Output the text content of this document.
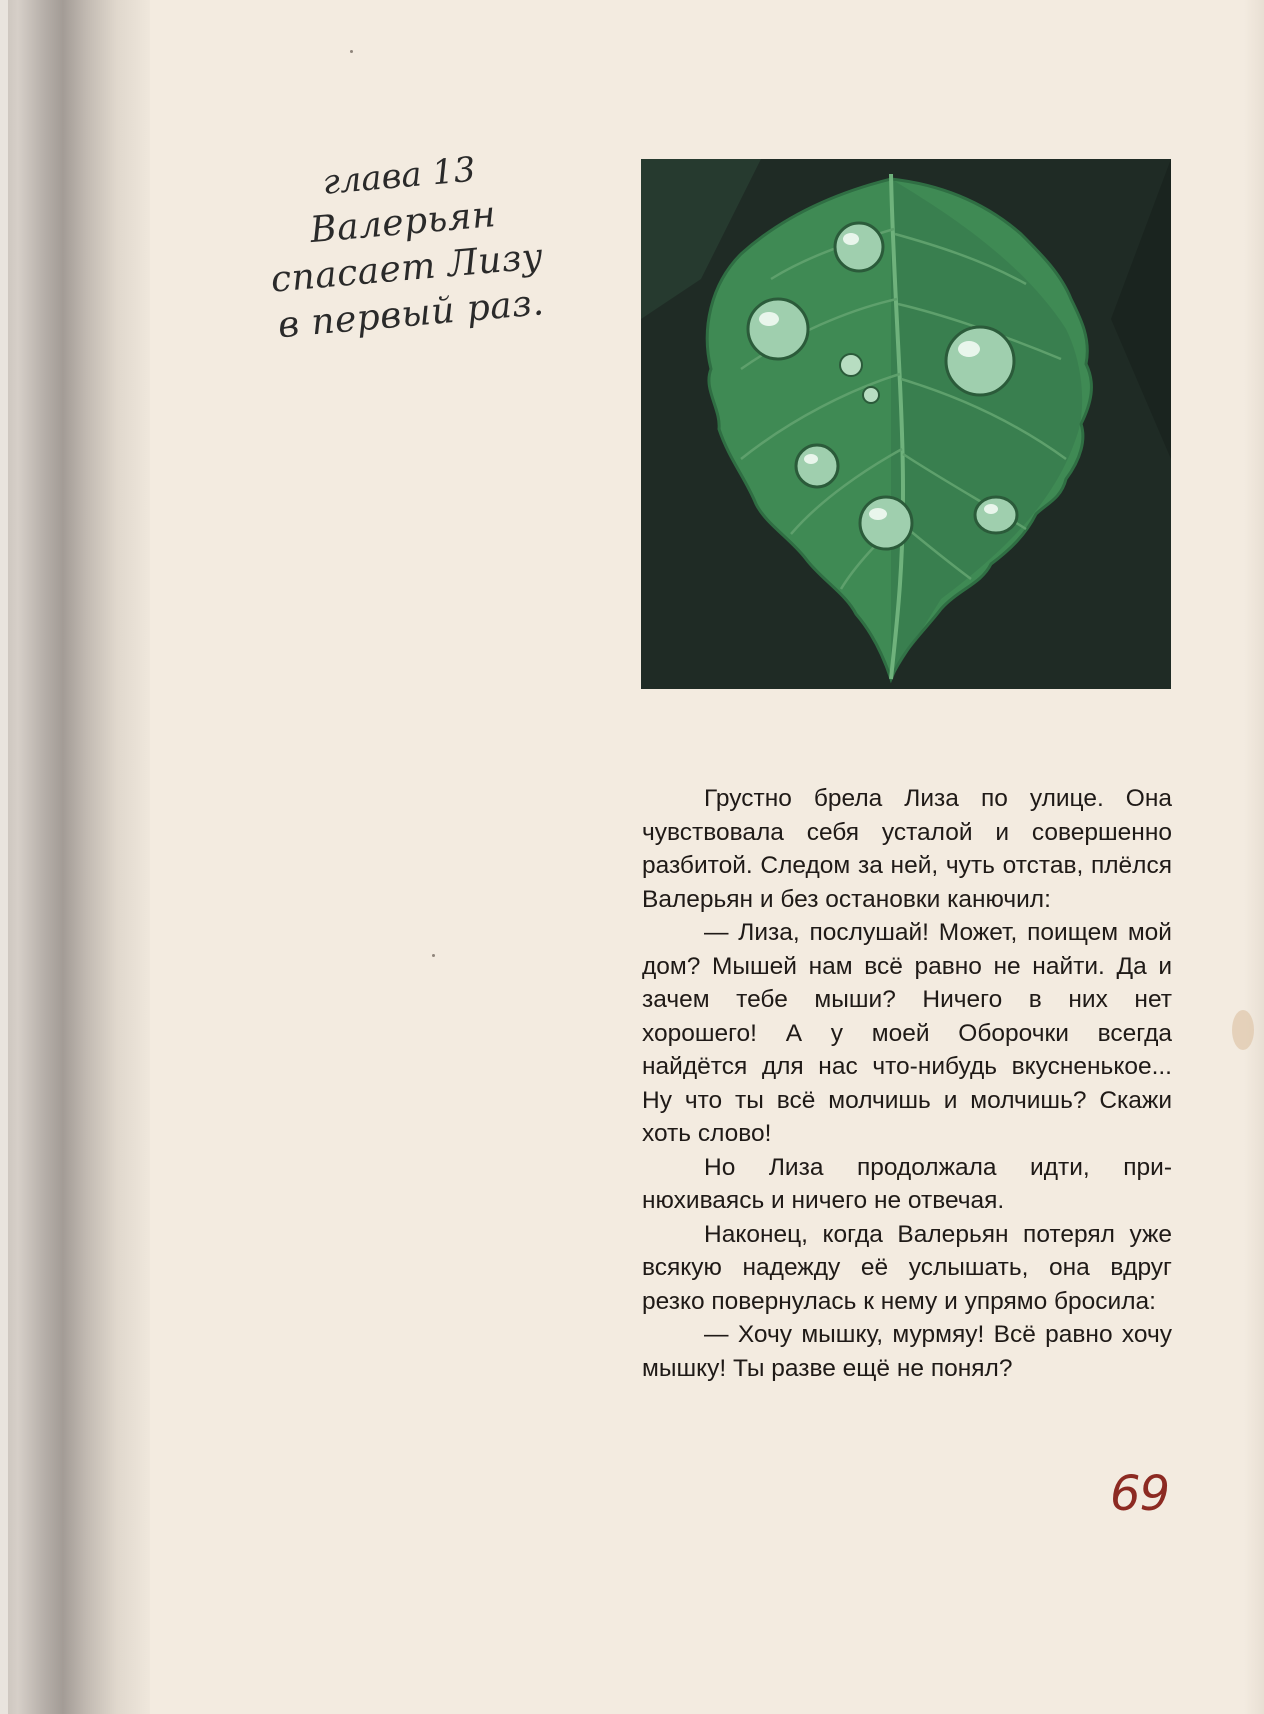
глава 13
Валерьян
спасает Лизу
в первый раз.

Грустно брела Лиза по улице. Она чувствовала себя усталой и совершенно разбитой. Следом за ней, чуть отстав, плёлся Валерьян и без остановки канючил:

— Лиза, послушай! Может, поищем мой дом? Мышей нам всё равно не найти. Да и зачем тебе мыши? Ничего в них нет хорошего! А у моей Оборочки всегда найдётся для нас что-нибудь вкусненькое... Ну что ты всё молчишь и молчишь? Скажи хоть слово!

Но Лиза продолжала идти, принюхиваясь и ничего не отвечая.

Наконец, когда Валерьян потерял уже всякую надежду её услышать, она вдруг резко повернулась к нему и упрямо бросила:

— Хочу мышку, мурмяу! Всё равно хочу мышку! Ты разве ещё не понял?

69
